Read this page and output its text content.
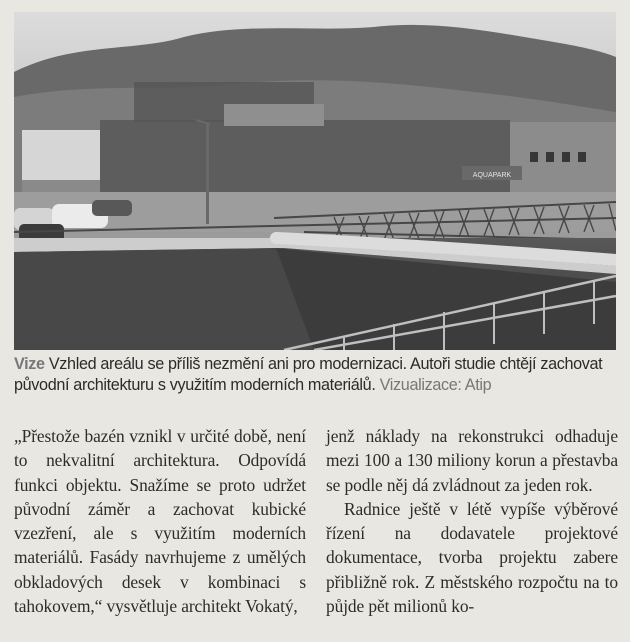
AQUAPARK
Vize Vzhled areálu se příliš nezmění ani pro modernizaci. Autoři studie chtějí zachovat původní architekturu s využitím moderních materiálů. Vizualizace: Atip

„Přestože bazén vznikl v určité době, není to nekvalitní architektura. Odpovídá funkci objektu. Snažíme se proto udržet původní záměr a zachovat kubické vzezření, ale s využitím moderních materiálů. Fasády navrhujeme z umělých obkladových desek v kombinaci s tahokovem,“ vysvětluje architekt Vokatý,

jenž náklady na rekonstrukci odhaduje mezi 100 a 130 miliony korun a přestavba se podle něj dá zvládnout za jeden rok.

Radnice ještě v létě vypíše výběrové řízení na dodavatele projektové dokumentace, tvorba projektu zabere přibližně rok. Z městského rozpočtu na to půjde pět milionů ko-
